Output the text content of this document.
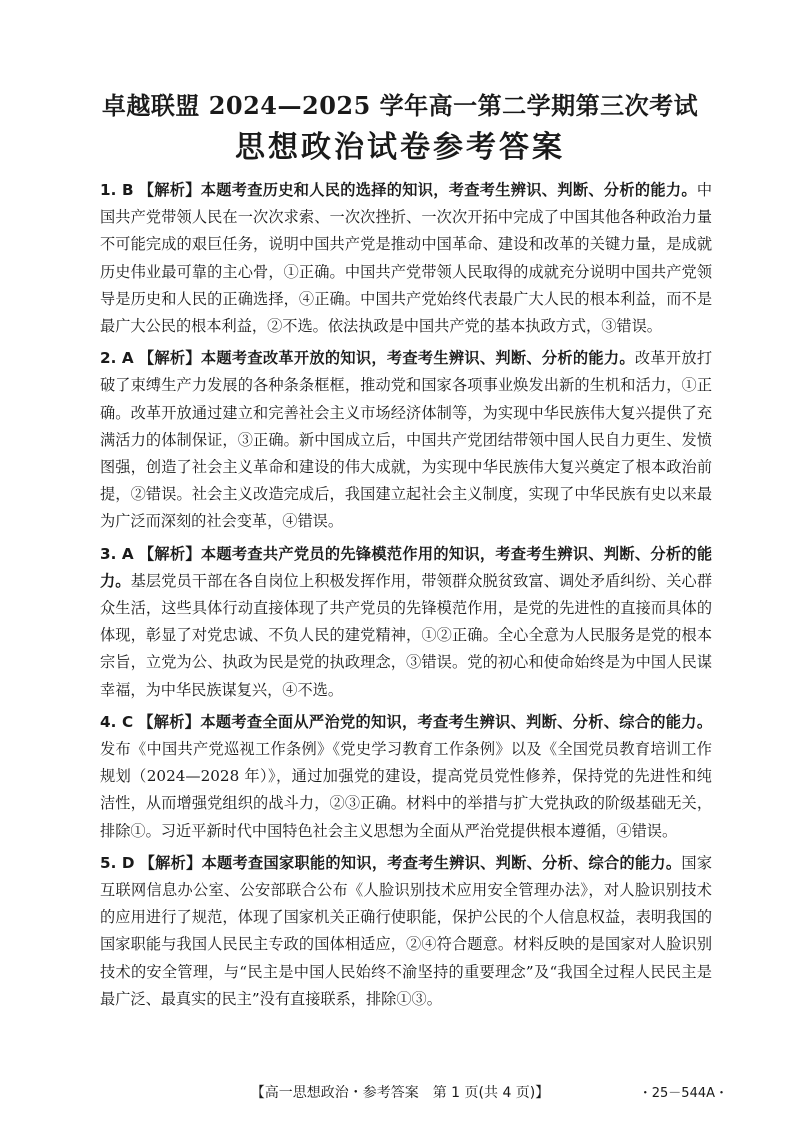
卓越联盟 2024—2025 学年高一第二学期第三次考试
思想政治试卷参考答案

1. B 【解析】本题考查历史和人民的选择的知识，考查考生辨识、判断、分析的能力。中国共产党带领人民在一次次求索、一次次挫折、一次次开拓中完成了中国其他各种政治力量不可能完成的艰巨任务，说明中国共产党是推动中国革命、建设和改革的关键力量，是成就历史伟业最可靠的主心骨，①正确。中国共产党带领人民取得的成就充分说明中国共产党领导是历史和人民的正确选择，④正确。中国共产党始终代表最广大人民的根本利益，而不是最广大公民的根本利益，②不选。依法执政是中国共产党的基本执政方式，③错误。

2. A 【解析】本题考查改革开放的知识，考查考生辨识、判断、分析的能力。改革开放打破了束缚生产力发展的各种条条框框，推动党和国家各项事业焕发出新的生机和活力，①正确。改革开放通过建立和完善社会主义市场经济体制等，为实现中华民族伟大复兴提供了充满活力的体制保证，③正确。新中国成立后，中国共产党团结带领中国人民自力更生、发愤图强，创造了社会主义革命和建设的伟大成就，为实现中华民族伟大复兴奠定了根本政治前提，②错误。社会主义改造完成后，我国建立起社会主义制度，实现了中华民族有史以来最为广泛而深刻的社会变革，④错误。

3. A 【解析】本题考查共产党员的先锋模范作用的知识，考查考生辨识、判断、分析的能力。基层党员干部在各自岗位上积极发挥作用，带领群众脱贫致富、调处矛盾纠纷、关心群众生活，这些具体行动直接体现了共产党员的先锋模范作用，是党的先进性的直接而具体的体现，彰显了对党忠诚、不负人民的建党精神，①②正确。全心全意为人民服务是党的根本宗旨，立党为公、执政为民是党的执政理念，③错误。党的初心和使命始终是为中国人民谋幸福，为中华民族谋复兴，④不选。

4. C 【解析】本题考查全面从严治党的知识，考查考生辨识、判断、分析、综合的能力。发布《中国共产党巡视工作条例》《党史学习教育工作条例》以及《全国党员教育培训工作规划（2024—2028 年）》，通过加强党的建设，提高党员党性修养，保持党的先进性和纯洁性，从而增强党组织的战斗力，②③正确。材料中的举措与扩大党执政的阶级基础无关，排除①。习近平新时代中国特色社会主义思想为全面从严治党提供根本遵循，④错误。

5. D 【解析】本题考查国家职能的知识，考查考生辨识、判断、分析、综合的能力。国家互联网信息办公室、公安部联合公布《人脸识别技术应用安全管理办法》，对人脸识别技术的应用进行了规范，体现了国家机关正确行使职能，保护公民的个人信息权益，表明我国的国家职能与我国人民民主专政的国体相适应，②④符合题意。材料反映的是国家对人脸识别技术的安全管理，与“民主是中国人民始终不渝坚持的重要理念”及“我国全过程人民民主是最广泛、最真实的民主”没有直接联系，排除①③。

【高一思想政治・参考答案　第 1 页(共 4 页)】	・25－544A・
